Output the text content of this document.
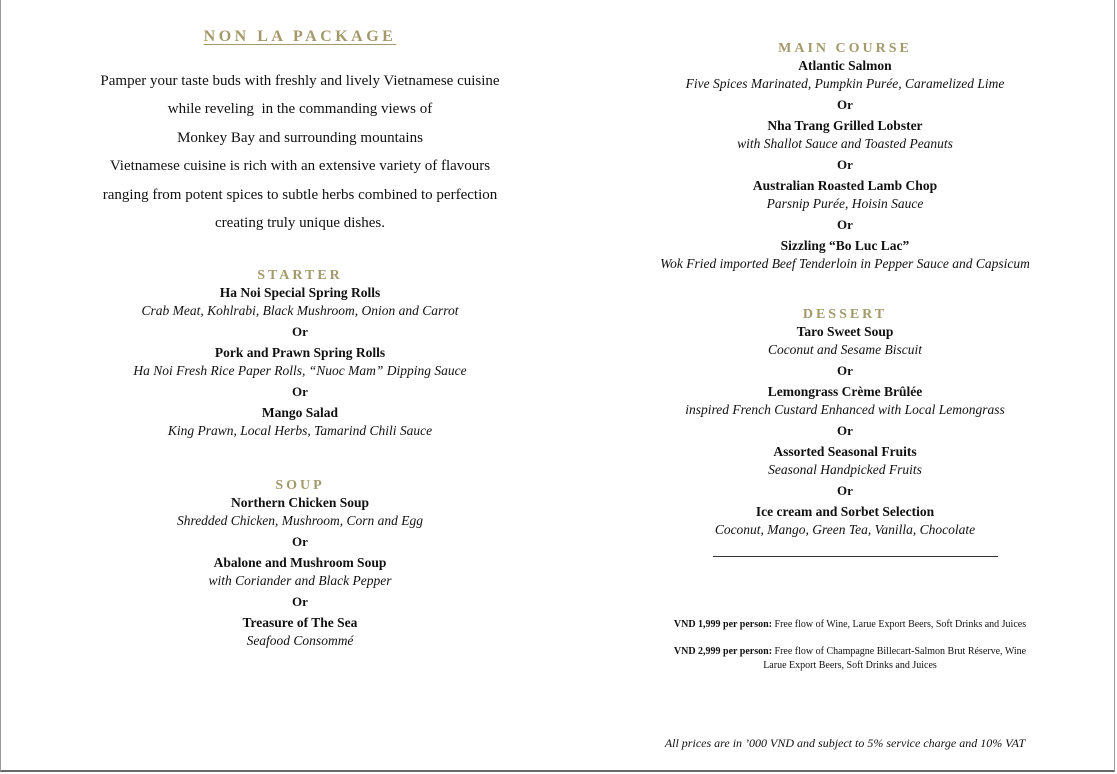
NON LA PACKAGE
Pamper your taste buds with freshly and lively Vietnamese cuisine
while reveling  in the commanding views of
Monkey Bay and surrounding mountains
Vietnamese cuisine is rich with an extensive variety of flavours
ranging from potent spices to subtle herbs combined to perfection
creating truly unique dishes.
STARTER
Ha Noi Special Spring Rolls
Crab Meat, Kohlrabi, Black Mushroom, Onion and Carrot
Or
Pork and Prawn Spring Rolls
Ha Noi Fresh Rice Paper Rolls, “Nuoc Mam” Dipping Sauce
Or
Mango Salad
King Prawn, Local Herbs, Tamarind Chili Sauce
SOUP
Northern Chicken Soup
Shredded Chicken, Mushroom, Corn and Egg
Or
Abalone and Mushroom Soup
with Coriander and Black Pepper
Or
Treasure of The Sea
Seafood Consommé
MAIN COURSE
Atlantic Salmon
Five Spices Marinated, Pumpkin Purée, Caramelized Lime
Or
Nha Trang Grilled Lobster
with Shallot Sauce and Toasted Peanuts
Or
Australian Roasted Lamb Chop
Parsnip Purée, Hoisin Sauce
Or
Sizzling “Bo Luc Lac”
Wok Fried imported Beef Tenderloin in Pepper Sauce and Capsicum
DESSERT
Taro Sweet Soup
Coconut and Sesame Biscuit
Or
Lemongrass Crème Brûlée
inspired French Custard Enhanced with Local Lemongrass
Or
Assorted Seasonal Fruits
Seasonal Handpicked Fruits
Or
Ice cream and Sorbet Selection
Coconut, Mango, Green Tea, Vanilla, Chocolate
VND 1,999 per person: Free flow of Wine, Larue Export Beers, Soft Drinks and Juices
VND 2,999 per person: Free flow of Champagne Billecart-Salmon Brut Réserve, Wine
Larue Export Beers, Soft Drinks and Juices
All prices are in ’000 VND and subject to 5% service charge and 10% VAT
